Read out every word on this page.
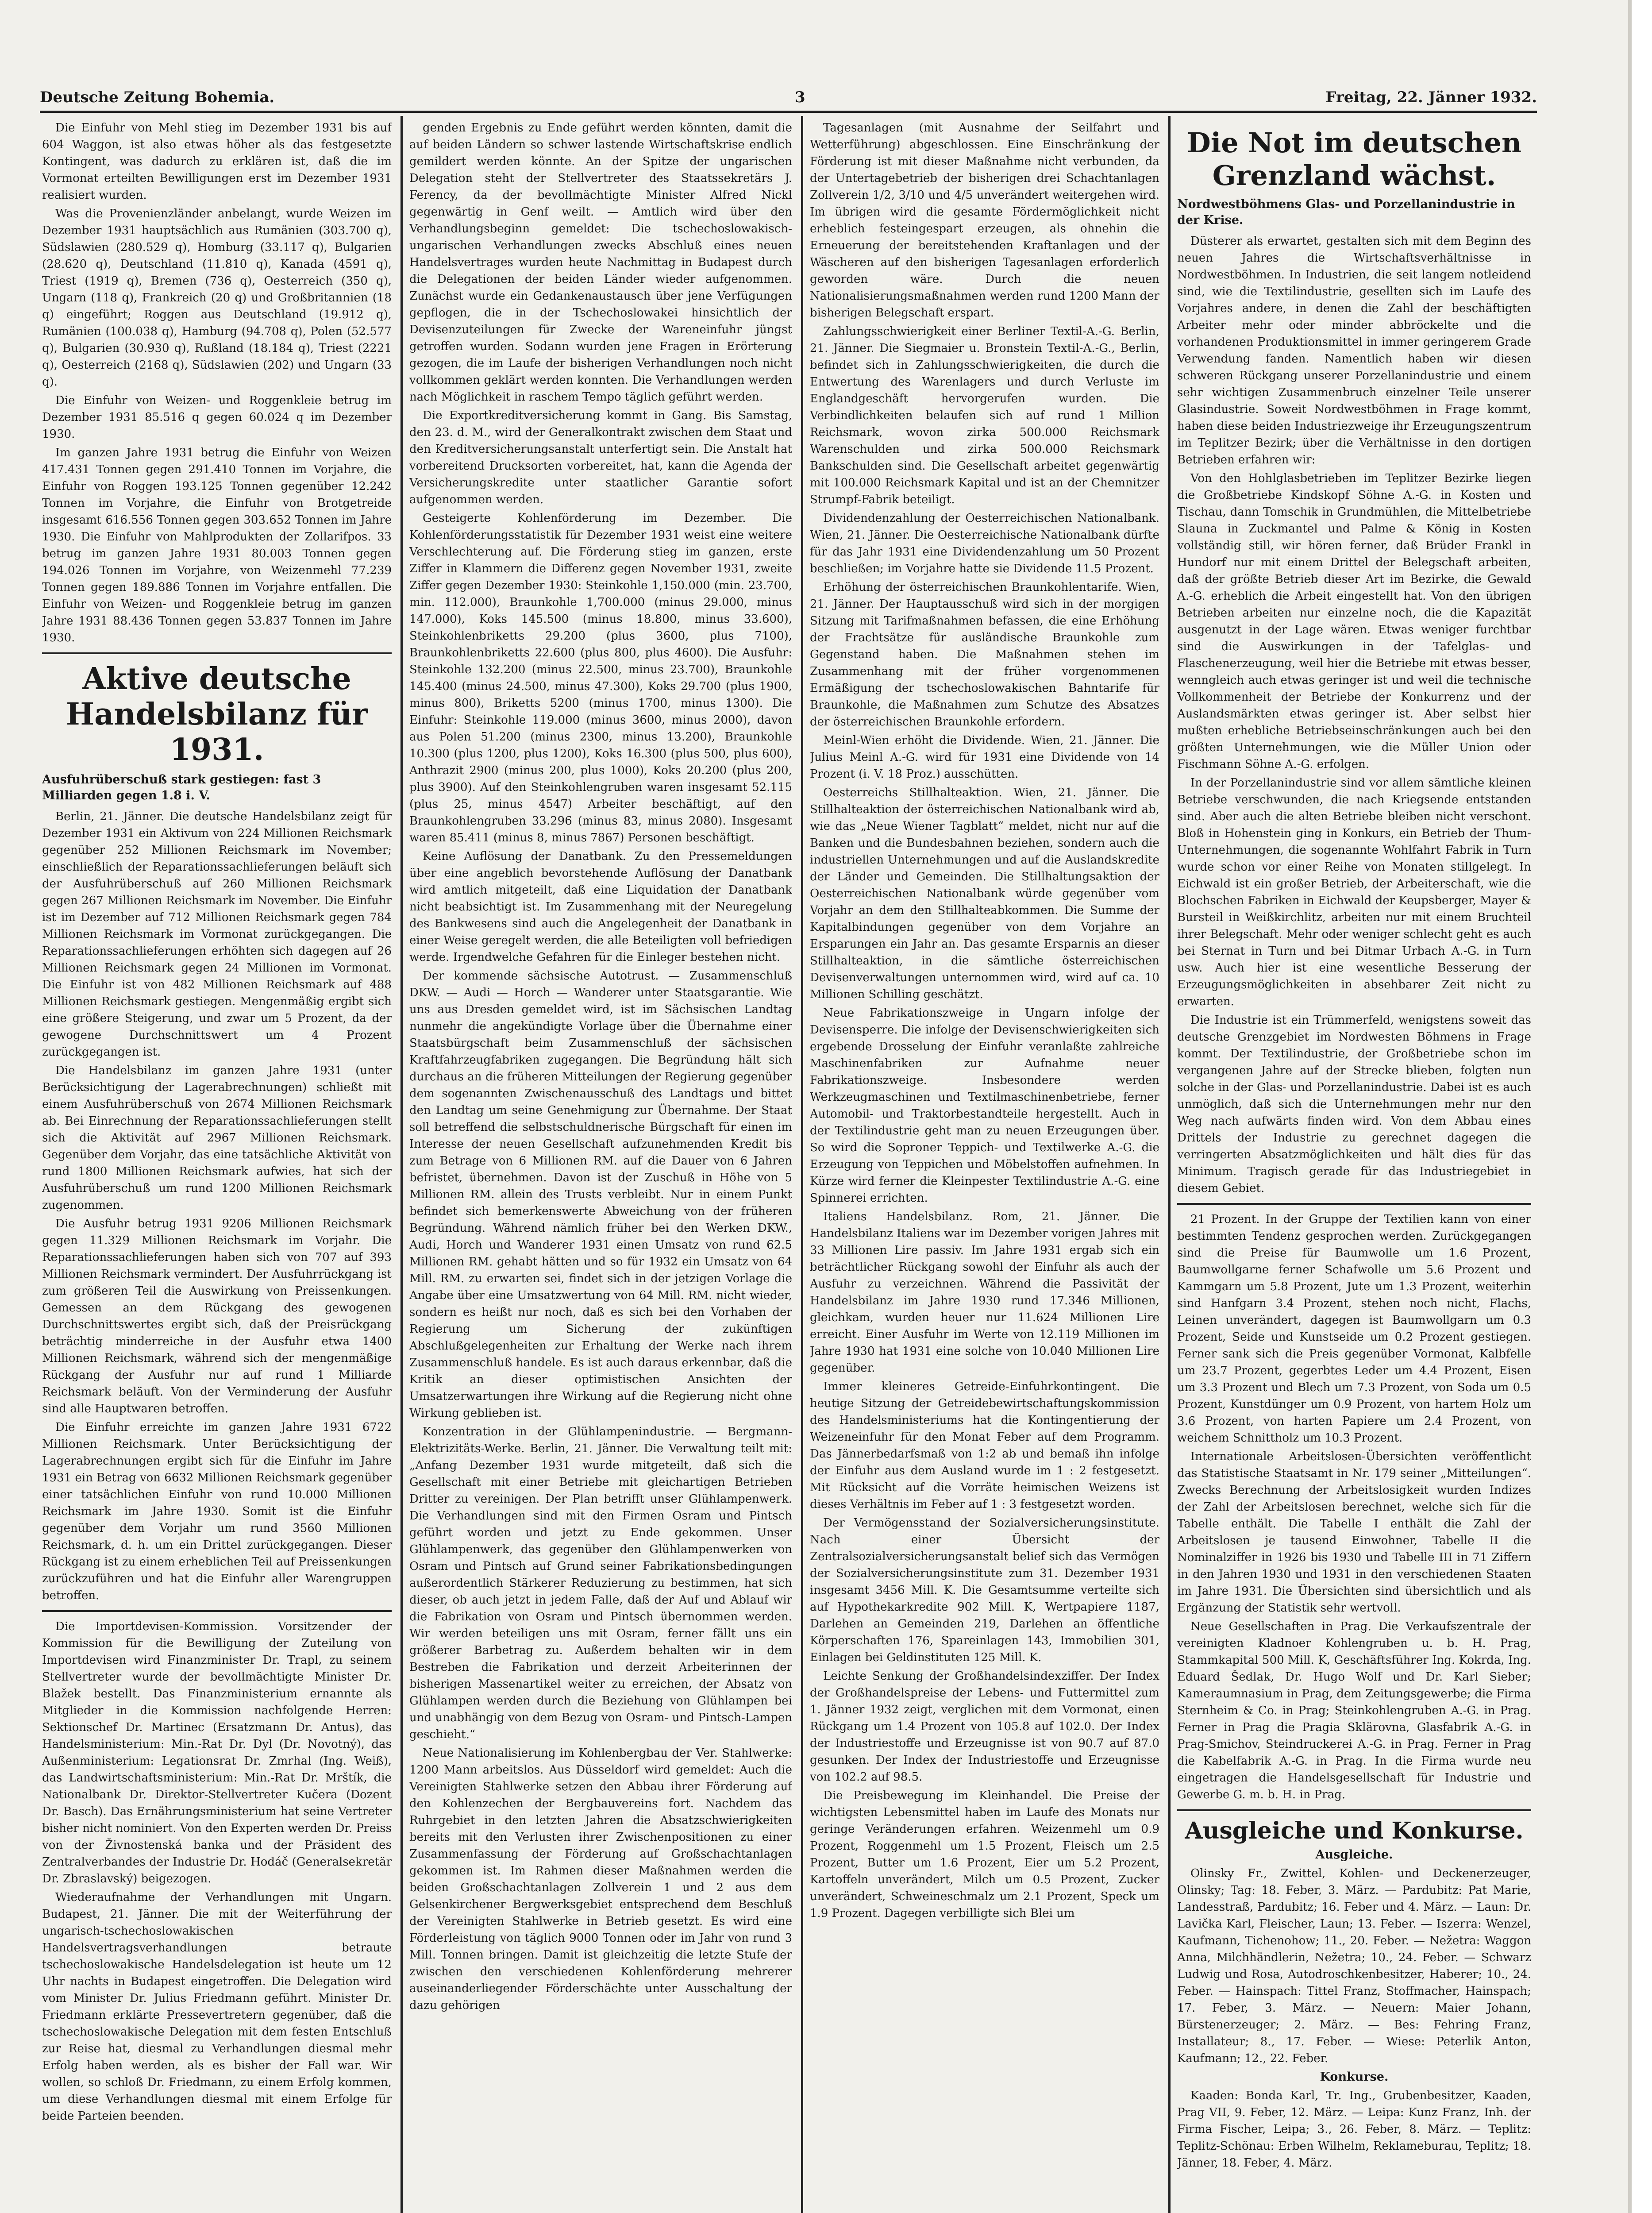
Deutsche Zeitung Bohemia.	3	Freitag, 22. Jänner 1932.

Die Einfuhr von Mehl stieg im Dezember 1931 bis auf 604 Waggon, ist also etwas höher als das festgesetzte Kontingent, was dadurch zu erklären ist, daß die im Vormonat erteilten Bewilligungen erst im Dezember 1931 realisiert wurden.

Was die Provenienzländer anbelangt, wurde Weizen im Dezember 1931 hauptsächlich aus Rumänien (303.700 q), Südslawien (280.529 q), Homburg (33.117 q), Bulgarien (28.620 q), Deutschland (11.810 q), Kanada (4591 q), Triest (1919 q), Bremen (736 q), Oesterreich (350 q), Ungarn (118 q), Frankreich (20 q) und Großbritannien (18 q) eingeführt; Roggen aus Deutschland (19.912 q), Rumänien (100.038 q), Hamburg (94.708 q), Polen (52.577 q), Bulgarien (30.930 q), Rußland (18.184 q), Triest (2221 q), Oesterreich (2168 q), Südslawien (202) und Ungarn (33 q).

Die Einfuhr von Weizen- und Roggenkleie betrug im Dezember 1931 85.516 q gegen 60.024 q im Dezember 1930.

Im ganzen Jahre 1931 betrug die Einfuhr von Weizen 417.431 Tonnen gegen 291.410 Tonnen im Vorjahre, die Einfuhr von Roggen 193.125 Tonnen gegenüber 12.242 Tonnen im Vorjahre, die Einfuhr von Brotgetreide insgesamt 616.556 Tonnen gegen 303.652 Tonnen im Jahre 1930. Die Einfuhr von Mahlprodukten der Zollarifpos. 33 betrug im ganzen Jahre 1931 80.003 Tonnen gegen 194.026 Tonnen im Vorjahre, von Weizenmehl 77.239 Tonnen gegen 189.886 Tonnen im Vorjahre entfallen. Die Einfuhr von Weizen- und Roggenkleie betrug im ganzen Jahre 1931 88.436 Tonnen gegen 53.837 Tonnen im Jahre 1930.

Aktive deutsche Handelsbilanz für 1931.
Ausfuhrüberschuß stark gestiegen: fast 3 Milliarden gegen 1.8 i. V.

Berlin, 21. Jänner. Die deutsche Handelsbilanz zeigt für Dezember 1931 ein Aktivum von 224 Millionen Reichsmark gegenüber 252 Millionen Reichsmark im November; einschließlich der Reparationssachlieferungen beläuft sich der Ausfuhrüberschuß auf 260 Millionen Reichsmark gegen 267 Millionen Reichsmark im November. Die Einfuhr ist im Dezember auf 712 Millionen Reichsmark gegen 784 Millionen Reichsmark im Vormonat zurückgegangen. Die Reparationssachlieferungen erhöhten sich dagegen auf 26 Millionen Reichsmark gegen 24 Millionen im Vormonat. Die Einfuhr ist von 482 Millionen Reichsmark auf 488 Millionen Reichsmark gestiegen. Mengenmäßig ergibt sich eine größere Steigerung, und zwar um 5 Prozent, da der gewogene Durchschnittswert um 4 Prozent zurückgegangen ist.

Die Handelsbilanz im ganzen Jahre 1931 (unter Berücksichtigung der Lagerabrechnungen) schließt mit einem Ausfuhrüberschuß von 2674 Millionen Reichsmark ab. Bei Einrechnung der Reparationssachlieferungen stellt sich die Aktivität auf 2967 Millionen Reichsmark. Gegenüber dem Vorjahr, das eine tatsächliche Aktivität von rund 1800 Millionen Reichsmark aufwies, hat sich der Ausfuhrüberschuß um rund 1200 Millionen Reichsmark zugenommen.

Die Ausfuhr betrug 1931 9206 Millionen Reichsmark gegen 11.329 Millionen Reichsmark im Vorjahr. Die Reparationssachlieferungen haben sich von 707 auf 393 Millionen Reichsmark vermindert. Der Ausfuhrrückgang ist zum größeren Teil die Auswirkung von Preissenkungen. Gemessen an dem Rückgang des gewogenen Durchschnittswertes ergibt sich, daß der Preisrückgang beträchtig minderreiche in der Ausfuhr etwa 1400 Millionen Reichsmark, während sich der mengenmäßige Rückgang der Ausfuhr nur auf rund 1 Milliarde Reichsmark beläuft. Von der Verminderung der Ausfuhr sind alle Hauptwaren betroffen.

Die Einfuhr erreichte im ganzen Jahre 1931 6722 Millionen Reichsmark. Unter Berücksichtigung der Lagerabrechnungen ergibt sich für die Einfuhr im Jahre 1931 ein Betrag von 6632 Millionen Reichsmark gegenüber einer tatsächlichen Einfuhr von rund 10.000 Millionen Reichsmark im Jahre 1930. Somit ist die Einfuhr gegenüber dem Vorjahr um rund 3560 Millionen Reichsmark, d. h. um ein Drittel zurückgegangen. Dieser Rückgang ist zu einem erheblichen Teil auf Preissenkungen zurückzuführen und hat die Einfuhr aller Warengruppen betroffen.

Die Importdevisen-Kommission. Vorsitzender der Kommission für die Bewilligung der Zuteilung von Importdevisen wird Finanzminister Dr. Trapl, zu seinem Stellvertreter wurde der bevollmächtigte Minister Dr. Blažek bestellt. Das Finanzministerium ernannte als Mitglieder in die Kommission nachfolgende Herren: Sektionschef Dr. Martinec (Ersatzmann Dr. Antus), das Handelsministerium: Min.-Rat Dr. Dyl (Dr. Novotný), das Außenministerium: Legationsrat Dr. Zmrhal (Ing. Weiß), das Landwirtschaftsministerium: Min.-Rat Dr. Mrštík, die Nationalbank Dr. Direktor-Stellvertreter Kučera (Dozent Dr. Basch). Das Ernährungsministerium hat seine Vertreter bisher nicht nominiert. Von den Experten werden Dr. Preiss von der Živnostenská banka und der Präsident des Zentralverbandes der Industrie Dr. Hodáč (Generalsekretär Dr. Zbraslavský) beigezogen.

Wiederaufnahme der Verhandlungen mit Ungarn. Budapest, 21. Jänner. Die mit der Weiterführung der ungarisch-tschechoslowakischen Handelsvertragsverhandlungen betraute tschechoslowakische Handelsdelegation ist heute um 12 Uhr nachts in Budapest eingetroffen. Die Delegation wird vom Minister Dr. Julius Friedmann geführt. Minister Dr. Friedmann erklärte Pressevertretern gegenüber, daß die tschechoslowakische Delegation mit dem festen Entschluß zur Reise hat, diesmal zu Verhandlungen diesmal mehr Erfolg haben werden, als es bisher der Fall war. Wir wollen, so schloß Dr. Friedmann, zu einem Erfolg kommen, um diese Verhandlungen diesmal mit einem Erfolge für beide Parteien beenden.

genden Ergebnis zu Ende geführt werden könnten, damit die auf beiden Ländern so schwer lastende Wirtschaftskrise endlich gemildert werden könnte. An der Spitze der ungarischen Delegation steht der Stellvertreter des Staatssekretärs J. Ferency, da der bevollmächtigte Minister Alfred Nickl gegenwärtig in Genf weilt. — Amtlich wird über den Verhandlungsbeginn gemeldet: Die tschechoslowakisch-ungarischen Verhandlungen zwecks Abschluß eines neuen Handelsvertrages wurden heute Nachmittag in Budapest durch die Delegationen der beiden Länder wieder aufgenommen. Zunächst wurde ein Gedankenaustausch über jene Verfügungen gepflogen, die in der Tschechoslowakei hinsichtlich der Devisenzuteilungen für Zwecke der Wareneinfuhr jüngst getroffen wurden. Sodann wurden jene Fragen in Erörterung gezogen, die im Laufe der bisherigen Verhandlungen noch nicht vollkommen geklärt werden konnten. Die Verhandlungen werden nach Möglichkeit in raschem Tempo täglich geführt werden.

Die Exportkreditversicherung kommt in Gang. Bis Samstag, den 23. d. M., wird der Generalkontrakt zwischen dem Staat und den Kreditversicherungsanstalt unterfertigt sein. Die Anstalt hat vorbereitend Drucksorten vorbereitet, hat, kann die Agenda der Versicherungskredite unter staatlicher Garantie sofort aufgenommen werden.

Gesteigerte Kohlenförderung im Dezember. Die Kohlenförderungsstatistik für Dezember 1931 weist eine weitere Verschlechterung auf. Die Förderung stieg im ganzen, erste Ziffer in Klammern die Differenz gegen November 1931, zweite Ziffer gegen Dezember 1930: Steinkohle 1,150.000 (min. 23.700, min. 112.000), Braunkohle 1,700.000 (minus 29.000, minus 147.000), Koks 145.500 (minus 18.800, minus 33.600), Steinkohlenbriketts 29.200 (plus 3600, plus 7100), Braunkohlenbriketts 22.600 (plus 800, plus 4600). Die Ausfuhr: Steinkohle 132.200 (minus 22.500, minus 23.700), Braunkohle 145.400 (minus 24.500, minus 47.300), Koks 29.700 (plus 1900, minus 800), Briketts 5200 (minus 1700, minus 1300). Die Einfuhr: Steinkohle 119.000 (minus 3600, minus 2000), davon aus Polen 51.200 (minus 2300, minus 13.200), Braunkohle 10.300 (plus 1200, plus 1200), Koks 16.300 (plus 500, plus 600), Anthrazit 2900 (minus 200, plus 1000), Koks 20.200 (plus 200, plus 3900). Auf den Steinkohlengruben waren insgesamt 52.115 (plus 25, minus 4547) Arbeiter beschäftigt, auf den Braunkohlengruben 33.296 (minus 83, minus 2080). Insgesamt waren 85.411 (minus 8, minus 7867) Personen beschäftigt.

Keine Auflösung der Danatbank. Zu den Pressemeldungen über eine angeblich bevorstehende Auflösung der Danatbank wird amtlich mitgeteilt, daß eine Liquidation der Danatbank nicht beabsichtigt ist. Im Zusammenhang mit der Neuregelung des Bankwesens sind auch die Angelegenheit der Danatbank in einer Weise geregelt werden, die alle Beteiligten voll befriedigen werde. Irgendwelche Gefahren für die Einleger bestehen nicht.

Der kommende sächsische Autotrust. — Zusammenschluß DKW. — Audi — Horch — Wanderer unter Staatsgarantie. Wie uns aus Dresden gemeldet wird, ist im Sächsischen Landtag nunmehr die angekündigte Vorlage über die Übernahme einer Staatsbürgschaft beim Zusammenschluß der sächsischen Kraftfahrzeugfabriken zugegangen. Die Begründung hält sich durchaus an die früheren Mitteilungen der Regierung gegenüber dem sogenannten Zwischenausschuß des Landtags und bittet den Landtag um seine Genehmigung zur Übernahme. Der Staat soll betreffend die selbstschuldnerische Bürgschaft für einen im Interesse der neuen Gesellschaft aufzunehmenden Kredit bis zum Betrage von 6 Millionen RM. auf die Dauer von 6 Jahren befristet, übernehmen. Davon ist der Zuschuß in Höhe von 5 Millionen RM. allein des Trusts verbleibt. Nur in einem Punkt befindet sich bemerkenswerte Abweichung von der früheren Begründung. Während nämlich früher bei den Werken DKW., Audi, Horch und Wanderer 1931 einen Umsatz von rund 62.5 Millionen RM. gehabt hätten und so für 1932 ein Umsatz von 64 Mill. RM. zu erwarten sei, findet sich in der jetzigen Vorlage die Angabe über eine Umsatzwertung von 64 Mill. RM. nicht wieder, sondern es heißt nur noch, daß es sich bei den Vorhaben der Regierung um Sicherung der zukünftigen Abschlußgelegenheiten zur Erhaltung der Werke nach ihrem Zusammenschluß handele. Es ist auch daraus erkennbar, daß die Kritik an dieser optimistischen Ansichten der Umsatzerwartungen ihre Wirkung auf die Regierung nicht ohne Wirkung geblieben ist.

Konzentration in der Glühlampenindustrie. — Bergmann-Elektrizitäts-Werke. Berlin, 21. Jänner. Die Verwaltung teilt mit: „Anfang Dezember 1931 wurde mitgeteilt, daß sich die Gesellschaft mit einer Betriebe mit gleichartigen Betrieben Dritter zu vereinigen. Der Plan betrifft unser Glühlampenwerk. Die Verhandlungen sind mit den Firmen Osram und Pintsch geführt worden und jetzt zu Ende gekommen. Unser Glühlampenwerk, das gegenüber den Glühlampenwerken von Osram und Pintsch auf Grund seiner Fabrikationsbedingungen außerordentlich Stärkerer Reduzierung zu bestimmen, hat sich dieser, ob auch jetzt in jedem Falle, daß der Auf und Ablauf wir die Fabrikation von Osram und Pintsch übernommen werden. Wir werden beteiligen uns mit Osram, ferner fällt uns ein größerer Barbetrag zu. Außerdem behalten wir in dem Bestreben die Fabrikation und derzeit Arbeiterinnen der bisherigen Massenartikel weiter zu erreichen, der Absatz von Glühlampen werden durch die Beziehung von Glühlampen bei und unabhängig von dem Bezug von Osram- und Pintsch-Lampen geschieht.“

Neue Nationalisierung im Kohlenbergbau der Ver. Stahlwerke: 1200 Mann arbeitslos. Aus Düsseldorf wird gemeldet: Auch die Vereinigten Stahlwerke setzen den Abbau ihrer Förderung auf den Kohlenzechen der Bergbauvereins fort. Nachdem das Ruhrgebiet in den letzten Jahren die Absatzschwierigkeiten bereits mit den Verlusten ihrer Zwischenpositionen zu einer Zusammenfassung der Förderung auf Großschachtanlagen gekommen ist. Im Rahmen dieser Maßnahmen werden die beiden Großschachtanlagen Zollverein 1 und 2 aus dem Gelsenkirchener Bergwerksgebiet entsprechend dem Beschluß der Vereinigten Stahlwerke in Betrieb gesetzt. Es wird eine Förderleistung von täglich 9000 Tonnen oder im Jahr von rund 3 Mill. Tonnen bringen. Damit ist gleichzeitig die letzte Stufe der zwischen den verschiedenen Kohlenförderung mehrerer auseinanderliegender Förderschächte unter Ausschaltung der dazu gehörigen

Tagesanlagen (mit Ausnahme der Seilfahrt und Wetterführung) abgeschlossen. Eine Einschränkung der Förderung ist mit dieser Maßnahme nicht verbunden, da der Untertagebetrieb der bisherigen drei Schachtanlagen Zollverein 1/2, 3/10 und 4/5 unverändert weitergehen wird. Im übrigen wird die gesamte Fördermöglichkeit nicht erheblich festeingespart erzeugen, als ohnehin die Erneuerung der bereitstehenden Kraftanlagen und der Wäscheren auf den bisherigen Tagesanlagen erforderlich geworden wäre. Durch die neuen Nationalisierungsmaßnahmen werden rund 1200 Mann der bisherigen Belegschaft erspart.

Zahlungsschwierigkeit einer Berliner Textil-A.-G. Berlin, 21. Jänner. Die Siegmaier u. Bronstein Textil-A.-G., Berlin, befindet sich in Zahlungsschwierigkeiten, die durch die Entwertung des Warenlagers und durch Verluste im Englandgeschäft hervorgerufen wurden. Die Verbindlichkeiten belaufen sich auf rund 1 Million Reichsmark, wovon zirka 500.000 Reichsmark Warenschulden und zirka 500.000 Reichsmark Bankschulden sind. Die Gesellschaft arbeitet gegenwärtig mit 100.000 Reichsmark Kapital und ist an der Chemnitzer Strumpf-Fabrik beteiligt.

Dividendenzahlung der Oesterreichischen Nationalbank. Wien, 21. Jänner. Die Oesterreichische Nationalbank dürfte für das Jahr 1931 eine Dividendenzahlung um 50 Prozent beschließen; im Vorjahre hatte sie Dividende 11.5 Prozent.

Erhöhung der österreichischen Braunkohlentarife. Wien, 21. Jänner. Der Hauptausschuß wird sich in der morgigen Sitzung mit Tarifmaßnahmen befassen, die eine Erhöhung der Frachtsätze für ausländische Braunkohle zum Gegenstand haben. Die Maßnahmen stehen im Zusammenhang mit der früher vorgenommenen Ermäßigung der tschechoslowakischen Bahntarife für Braunkohle, die Maßnahmen zum Schutze des Absatzes der österreichischen Braunkohle erfordern.

Meinl-Wien erhöht die Dividende. Wien, 21. Jänner. Die Julius Meinl A.-G. wird für 1931 eine Dividende von 14 Prozent (i. V. 18 Proz.) ausschütten.

Oesterreichs Stillhalteaktion. Wien, 21. Jänner. Die Stillhalteaktion der österreichischen Nationalbank wird ab, wie das „Neue Wiener Tagblatt“ meldet, nicht nur auf die Banken und die Bundesbahnen beziehen, sondern auch die industriellen Unternehmungen und auf die Auslandskredite der Länder und Gemeinden. Die Stillhaltungsaktion der Oesterreichischen Nationalbank würde gegenüber vom Vorjahr an dem den Stillhalteabkommen. Die Summe der Kapitalbindungen gegenüber von dem Vorjahre an Ersparungen ein Jahr an. Das gesamte Ersparnis an dieser Stillhalteaktion, in die sämtliche österreichischen Devisenverwaltungen unternommen wird, wird auf ca. 10 Millionen Schilling geschätzt.

Neue Fabrikationszweige in Ungarn infolge der Devisensperre. Die infolge der Devisenschwierigkeiten sich ergebende Drosselung der Einfuhr veranlaßte zahlreiche Maschinenfabriken zur Aufnahme neuer Fabrikationszweige. Insbesondere werden Werkzeugmaschinen und Textilmaschinenbetriebe, ferner Automobil- und Traktorbestandteile hergestellt. Auch in der Textilindustrie geht man zu neuen Erzeugungen über. So wird die Soproner Teppich- und Textilwerke A.-G. die Erzeugung von Teppichen und Möbelstoffen aufnehmen. In Kürze wird ferner die Kleinpester Textilindustrie A.-G. eine Spinnerei errichten.

Italiens Handelsbilanz. Rom, 21. Jänner. Die Handelsbilanz Italiens war im Dezember vorigen Jahres mit 33 Millionen Lire passiv. Im Jahre 1931 ergab sich ein beträchtlicher Rückgang sowohl der Einfuhr als auch der Ausfuhr zu verzeichnen. Während die Passivität der Handelsbilanz im Jahre 1930 rund 17.346 Millionen, gleichkam, wurden heuer nur 11.624 Millionen Lire erreicht. Einer Ausfuhr im Werte von 12.119 Millionen im Jahre 1930 hat 1931 eine solche von 10.040 Millionen Lire gegenüber.

Immer kleineres Getreide-Einfuhrkontingent. Die heutige Sitzung der Getreidebewirtschaftungskommission des Handelsministeriums hat die Kontingentierung der Weizeneinfuhr für den Monat Feber auf dem Programm. Das Jännerbedarfsmaß von 1:2 ab und bemaß ihn infolge der Einfuhr aus dem Ausland wurde im 1 : 2 festgesetzt. Mit Rücksicht auf die Vorräte heimischen Weizens ist dieses Verhältnis im Feber auf 1 : 3 festgesetzt worden.

Der Vermögensstand der Sozialversicherungsinstitute. Nach einer Übersicht der Zentralsozialversicherungsanstalt belief sich das Vermögen der Sozialversicherungsinstitute zum 31. Dezember 1931 insgesamt 3456 Mill. K. Die Gesamtsumme verteilte sich auf Hypothekarkredite 902 Mill. K, Wertpapiere 1187, Darlehen an Gemeinden 219, Darlehen an öffentliche Körperschaften 176, Spareinlagen 143, Immobilien 301, Einlagen bei Geldinstituten 125 Mill. K.

Leichte Senkung der Großhandelsindexziffer. Der Index der Großhandelspreise der Lebens- und Futtermittel zum 1. Jänner 1932 zeigt, verglichen mit dem Vormonat, einen Rückgang um 1.4 Prozent von 105.8 auf 102.0. Der Index der Industriestoffe und Erzeugnisse ist von 90.7 auf 87.0 gesunken. Der Index der Industriestoffe und Erzeugnisse von 102.2 auf 98.5.

Die Preisbewegung im Kleinhandel. Die Preise der wichtigsten Lebensmittel haben im Laufe des Monats nur geringe Veränderungen erfahren. Weizenmehl um 0.9 Prozent, Roggenmehl um 1.5 Prozent, Fleisch um 2.5 Prozent, Butter um 1.6 Prozent, Eier um 5.2 Prozent, Kartoffeln unverändert, Milch um 0.5 Prozent, Zucker unverändert, Schweineschmalz um 2.1 Prozent, Speck um 1.9 Prozent. Dagegen verbilligte sich Blei um

Die Not im deutschen Grenzland wächst.
Nordwestböhmens Glas- und Porzellanindustrie in der Krise.

Düsterer als erwartet, gestalten sich mit dem Beginn des neuen Jahres die Wirtschaftsverhältnisse in Nordwestböhmen. In Industrien, die seit langem notleidend sind, wie die Textilindustrie, gesellten sich im Laufe des Vorjahres andere, in denen die Zahl der beschäftigten Arbeiter mehr oder minder abbröckelte und die vorhandenen Produktionsmittel in immer geringerem Grade Verwendung fanden. Namentlich haben wir diesen schweren Rückgang unserer Porzellanindustrie und einem sehr wichtigen Zusammenbruch einzelner Teile unserer Glasindustrie. Soweit Nordwestböhmen in Frage kommt, haben diese beiden Industriezweige ihr Erzeugungszentrum im Teplitzer Bezirk; über die Verhältnisse in den dortigen Betrieben erfahren wir:

Von den Hohlglasbetrieben im Teplitzer Bezirke liegen die Großbetriebe Kindskopf Söhne A.-G. in Kosten und Tischau, dann Tomschik in Grundmühlen, die Mittelbetriebe Slauna in Zuckmantel und Palme & König in Kosten vollständig still, wir hören ferner, daß Brüder Frankl in Hundorf nur mit einem Drittel der Belegschaft arbeiten, daß der größte Betrieb dieser Art im Bezirke, die Gewald A.-G. erheblich die Arbeit eingestellt hat. Von den übrigen Betrieben arbeiten nur einzelne noch, die die Kapazität ausgenutzt in der Lage wären. Etwas weniger furchtbar sind die Auswirkungen in der Tafelglas- und Flaschenerzeugung, weil hier die Betriebe mit etwas besser, wenngleich auch etwas geringer ist und weil die technische Vollkommenheit der Betriebe der Konkurrenz und der Auslandsmärkten etwas geringer ist. Aber selbst hier mußten erhebliche Betriebseinschränkungen auch bei den größten Unternehmungen, wie die Müller Union oder Fischmann Söhne A.-G. erfolgen.

In der Porzellanindustrie sind vor allem sämtliche kleinen Betriebe verschwunden, die nach Kriegsende entstanden sind. Aber auch die alten Betriebe bleiben nicht verschont. Bloß in Hohenstein ging in Konkurs, ein Betrieb der Thum-Unternehmungen, die sogenannte Wohlfahrt Fabrik in Turn wurde schon vor einer Reihe von Monaten stillgelegt. In Eichwald ist ein großer Betrieb, der Arbeiterschaft, wie die Blochschen Fabriken in Eichwald der Keupsberger, Mayer & Bursteil in Weißkirchlitz, arbeiten nur mit einem Bruchteil ihrer Belegschaft. Mehr oder weniger schlecht geht es auch bei Sternat in Turn und bei Ditmar Urbach A.-G. in Turn usw. Auch hier ist eine wesentliche Besserung der Erzeugungsmöglichkeiten in absehbarer Zeit nicht zu erwarten.

Die Industrie ist ein Trümmerfeld, wenigstens soweit das deutsche Grenzgebiet im Nordwesten Böhmens in Frage kommt. Der Textilindustrie, der Großbetriebe schon im vergangenen Jahre auf der Strecke blieben, folgten nun solche in der Glas- und Porzellanindustrie. Dabei ist es auch unmöglich, daß sich die Unternehmungen mehr nur den Weg nach aufwärts finden wird. Von dem Abbau eines Drittels der Industrie zu gerechnet dagegen die verringerten Absatzmöglichkeiten und hält dies für das Minimum. Tragisch gerade für das Industriegebiet in diesem Gebiet.

21 Prozent. In der Gruppe der Textilien kann von einer bestimmten Tendenz gesprochen werden. Zurückgegangen sind die Preise für Baumwolle um 1.6 Prozent, Baumwollgarne ferner Schafwolle um 5.6 Prozent und Kammgarn um 5.8 Prozent, Jute um 1.3 Prozent, weiterhin sind Hanfgarn 3.4 Prozent, stehen noch nicht, Flachs, Leinen unverändert, dagegen ist Baumwollgarn um 0.3 Prozent, Seide und Kunstseide um 0.2 Prozent gestiegen. Ferner sank sich die Preis gegenüber Vormonat, Kalbfelle um 23.7 Prozent, gegerbtes Leder um 4.4 Prozent, Eisen um 3.3 Prozent und Blech um 7.3 Prozent, von Soda um 0.5 Prozent, Kunstdünger um 0.9 Prozent, von hartem Holz um 3.6 Prozent, von harten Papiere um 2.4 Prozent, von weichem Schnittholz um 10.3 Prozent.

Internationale Arbeitslosen-Übersichten veröffentlicht das Statistische Staatsamt in Nr. 179 seiner „Mitteilungen“. Zwecks Berechnung der Arbeitslosigkeit wurden Indizes der Zahl der Arbeitslosen berechnet, welche sich für die Tabelle enthält. Die Tabelle I enthält die Zahl der Arbeitslosen je tausend Einwohner, Tabelle II die Nominalziffer in 1926 bis 1930 und Tabelle III in 71 Ziffern in den Jahren 1930 und 1931 in den verschiedenen Staaten im Jahre 1931. Die Übersichten sind übersichtlich und als Ergänzung der Statistik sehr wertvoll.

Neue Gesellschaften in Prag. Die Verkaufszentrale der vereinigten Kladnoer Kohlengruben u. b. H. Prag, Stammkapital 500 Mill. K, Geschäftsführer Ing. Kokrda, Ing. Eduard Šedlak, Dr. Hugo Wolf und Dr. Karl Sieber; Kameraumnasium in Prag, dem Zeitungsgewerbe; die Firma Sternheim & Co. in Prag; Steinkohlengruben A.-G. in Prag. Ferner in Prag die Pragia Sklärovna, Glasfabrik A.-G. in Prag-Smichov, Steindruckerei A.-G. in Prag. Ferner in Prag die Kabelfabrik A.-G. in Prag. In die Firma wurde neu eingetragen die Handelsgesellschaft für Industrie und Gewerbe G. m. b. H. in Prag.

Ausgleiche und Konkurse.
Ausgleiche.

Olinsky Fr., Zwittel, Kohlen- und Deckenerzeuger, Olinsky; Tag: 18. Feber, 3. März. — Pardubitz: Pat Marie, Landesstraß, Pardubitz; 16. Feber und 4. März. — Laun: Dr. Lavička Karl, Fleischer, Laun; 13. Feber. — Iszerra: Wenzel, Kaufmann, Tichenohow; 11., 20. Feber. — Nežetra: Waggon Anna, Milchhändlerin, Nežetra; 10., 24. Feber. — Schwarz Ludwig und Rosa, Autodroschkenbesitzer, Haberer; 10., 24. Feber. — Hainspach: Tittel Franz, Stoffmacher, Hainspach; 17. Feber, 3. März. — Neuern: Maier Johann, Bürstenerzeuger; 2. März. — Bes: Fehring Franz, Installateur; 8., 17. Feber. — Wiese: Peterlik Anton, Kaufmann; 12., 22. Feber.

Konkurse.

Kaaden: Bonda Karl, Tr. Ing., Grubenbesitzer, Kaaden, Prag VII, 9. Feber, 12. März. — Leipa: Kunz Franz, Inh. der Firma Fischer, Leipa; 3., 26. Feber, 8. März. — Teplitz: Teplitz-Schönau: Erben Wilhelm, Reklameburau, Teplitz; 18. Jänner, 18. Feber, 4. März.
